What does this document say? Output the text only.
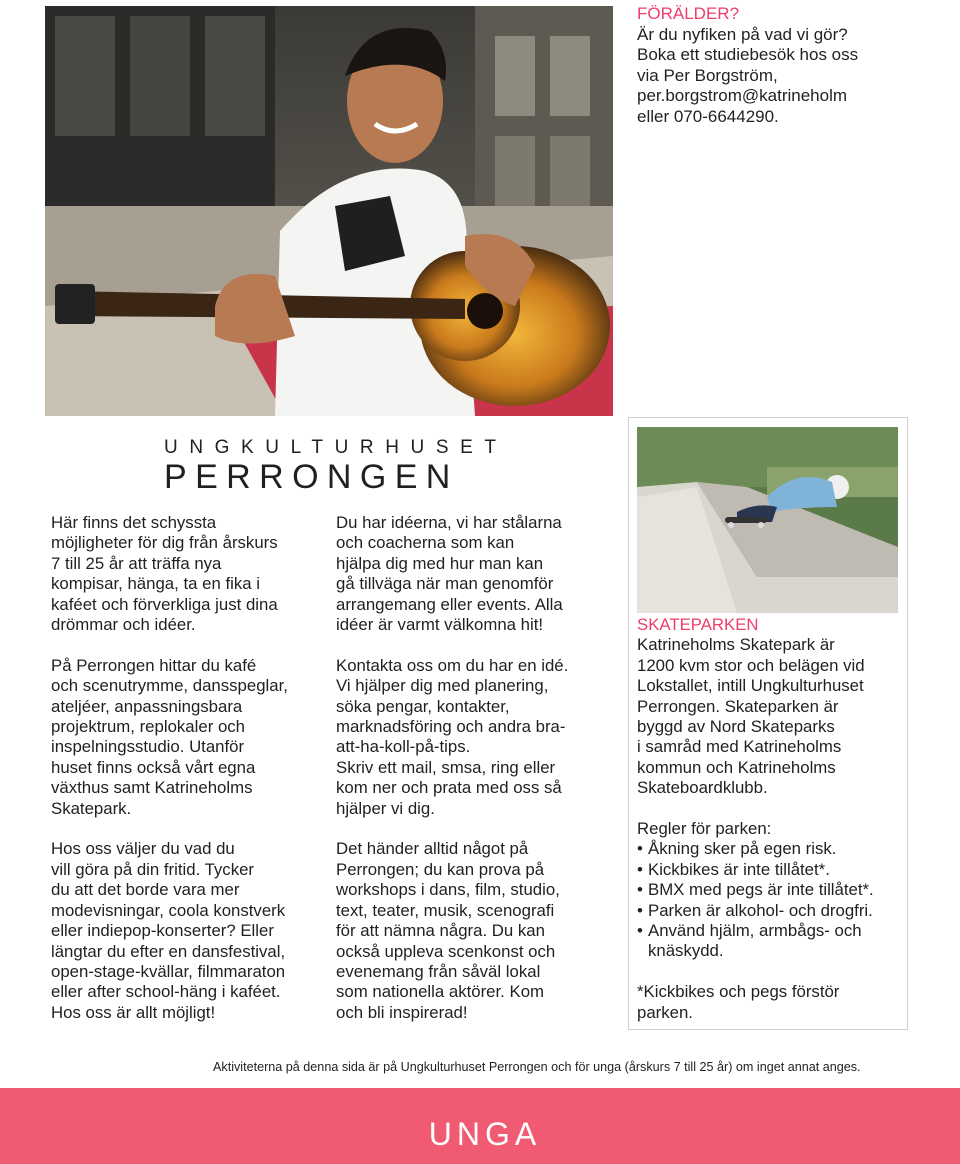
FÖRÄLDER?
Är du nyfiken på vad vi gör?
Boka ett studiebesök hos oss
via Per Borgström,
per.borgstrom@katrineholm
eller 070-6644290.
UNGKULTURHUSET
PERRONGEN

Här finns det schyssta
möjligheter för dig från årskurs
7 till 25 år att träffa nya
kompisar, hänga, ta en fika i
kaféet och förverkliga just dina
drömmar och idéer.

På Perrongen hittar du kafé
och scenutrymme, dansspeglar,
ateljéer, anpassningsbara
projektrum, replokaler och
inspelningsstudio. Utanför
huset finns också vårt egna
växthus samt Katrineholms
Skatepark.

Hos oss väljer du vad du
vill göra på din fritid. Tycker
du att det borde vara mer
modevisningar, coola konstverk
eller indiepop-konserter? Eller
längtar du efter en dansfestival,
open-stage-kvällar, filmmaraton
eller after school-häng i kaféet.
Hos oss är allt möjligt!

Du har idéerna, vi har stålarna
och coacherna som kan
hjälpa dig med hur man kan
gå tillväga när man genomför
arrangemang eller events. Alla
idéer är varmt välkomna hit!

Kontakta oss om du har en idé.
Vi hjälper dig med planering,
söka pengar, kontakter,
marknadsföring och andra bra-
att-ha-koll-på-tips.
Skriv ett mail, smsa, ring eller
kom ner och prata med oss så
hjälper vi dig.

Det händer alltid något på
Perrongen; du kan prova på
workshops i dans, film, studio,
text, teater, musik, scenografi
för att nämna några. Du kan
också uppleva scenkonst och
evenemang från såväl lokal
som nationella aktörer. Kom
och bli inspirerad!

SKATEPARKEN
Katrineholms Skatepark är
1200 kvm stor och belägen vid
Lokstallet, intill Ungkulturhuset
Perrongen. Skateparken är
byggd av Nord Skateparks
i samråd med Katrineholms
kommun och Katrineholms
Skateboardklubb.

Regler för parken:

• Åkning sker på egen risk.
• Kickbikes är inte tillåtet*.
• BMX med pegs är inte tillåtet*.
• Parken är alkohol- och drogfri.
• Använd hjälm, armbågs- och
knäskydd.

*Kickbikes och pegs förstör
parken.

Aktiviteterna på denna sida är på Ungkulturhuset Perrongen och för unga (årskurs 7 till 25 år) om inget annat anges.
UNGA
